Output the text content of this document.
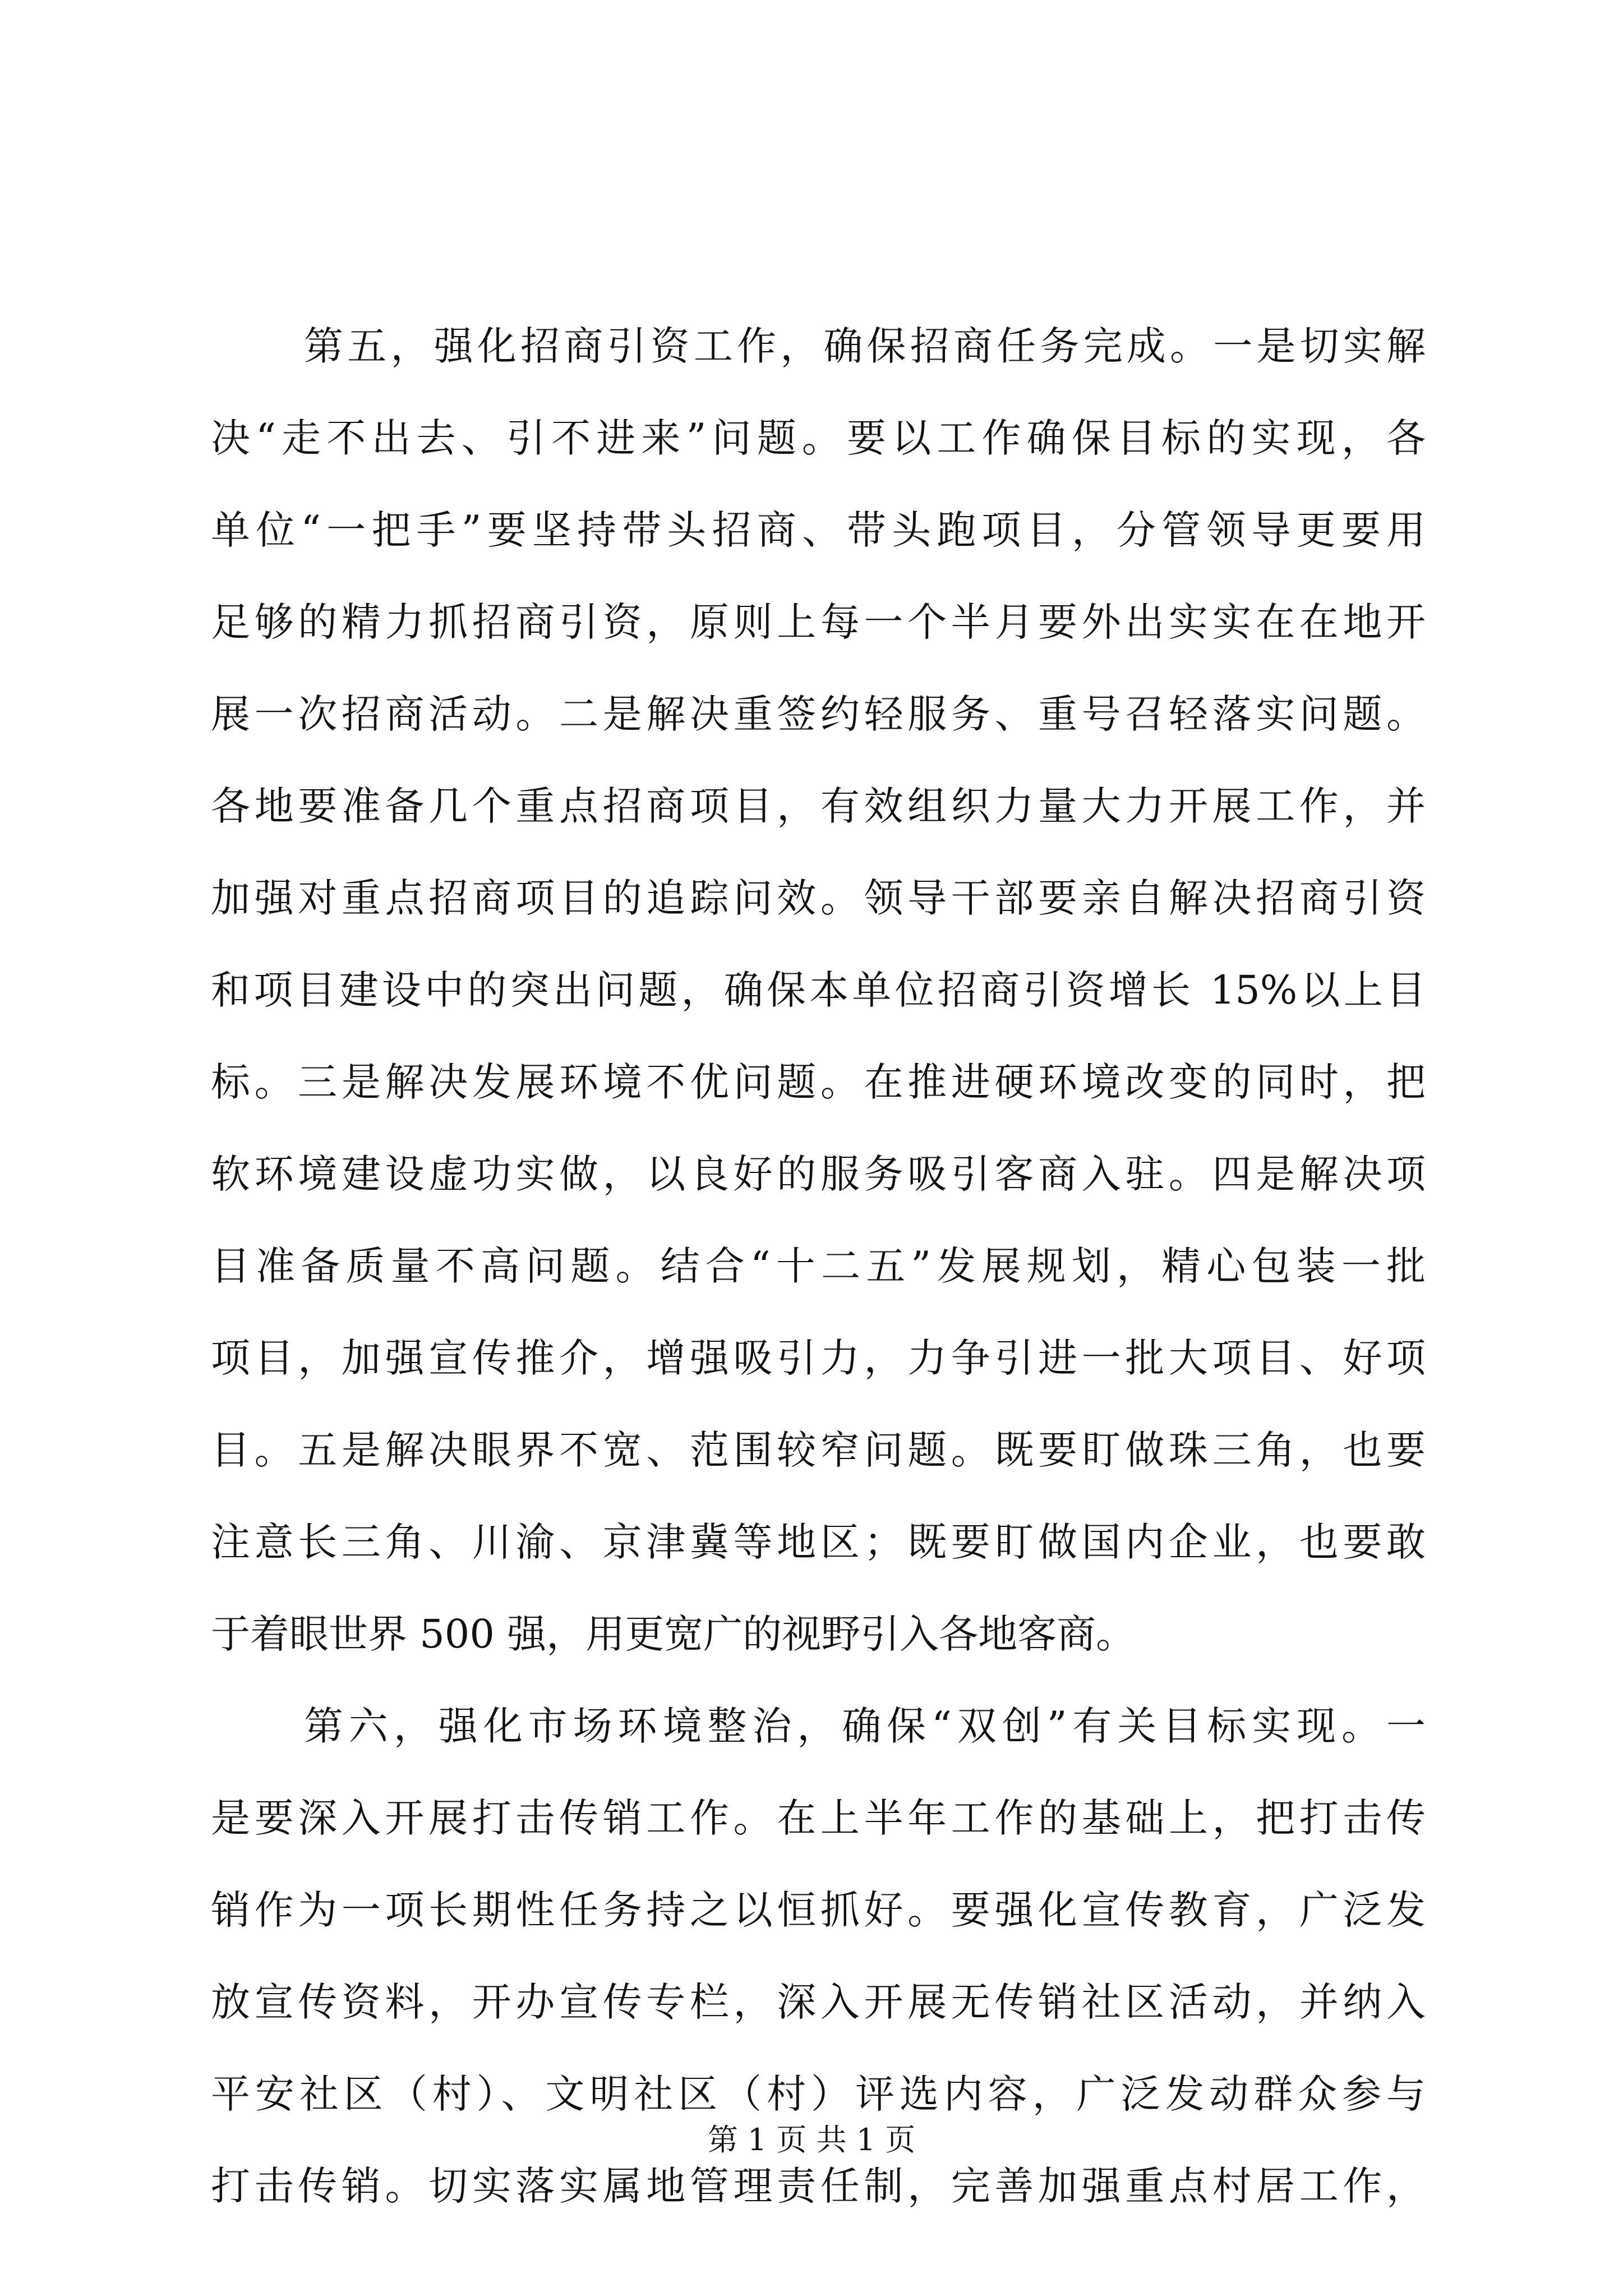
第五，强化招商引资工作，确保招商任务完成。一是切实解
决“走不出去、引不进来”问题。要以工作确保目标的实现，各
单位“一把手”要坚持带头招商、带头跑项目，分管领导更要用
足够的精力抓招商引资，原则上每一个半月要外出实实在在地开
展一次招商活动。二是解决重签约轻服务、重号召轻落实问题。
各地要准备几个重点招商项目，有效组织力量大力开展工作，并
加强对重点招商项目的追踪问效。领导干部要亲自解决招商引资
和项目建设中的突出问题，确保本单位招商引资增长 15%以上目
标。三是解决发展环境不优问题。在推进硬环境改变的同时，把
软环境建设虚功实做，以良好的服务吸引客商入驻。四是解决项
目准备质量不高问题。结合“十二五”发展规划，精心包装一批
项目，加强宣传推介，增强吸引力，力争引进一批大项目、好项
目。五是解决眼界不宽、范围较窄问题。既要盯做珠三角，也要
注意长三角、川渝、京津冀等地区；既要盯做国内企业，也要敢
于着眼世界 500 强，用更宽广的视野引入各地客商。
第六，强化市场环境整治，确保“双创”有关目标实现。一
是要深入开展打击传销工作。在上半年工作的基础上，把打击传
销作为一项长期性任务持之以恒抓好。要强化宣传教育，广泛发
放宣传资料，开办宣传专栏，深入开展无传销社区活动，并纳入
平安社区（村）、文明社区（村）评选内容，广泛发动群众参与
打击传销。切实落实属地管理责任制，完善加强重点村居工作，
第 1 页 共 1 页
